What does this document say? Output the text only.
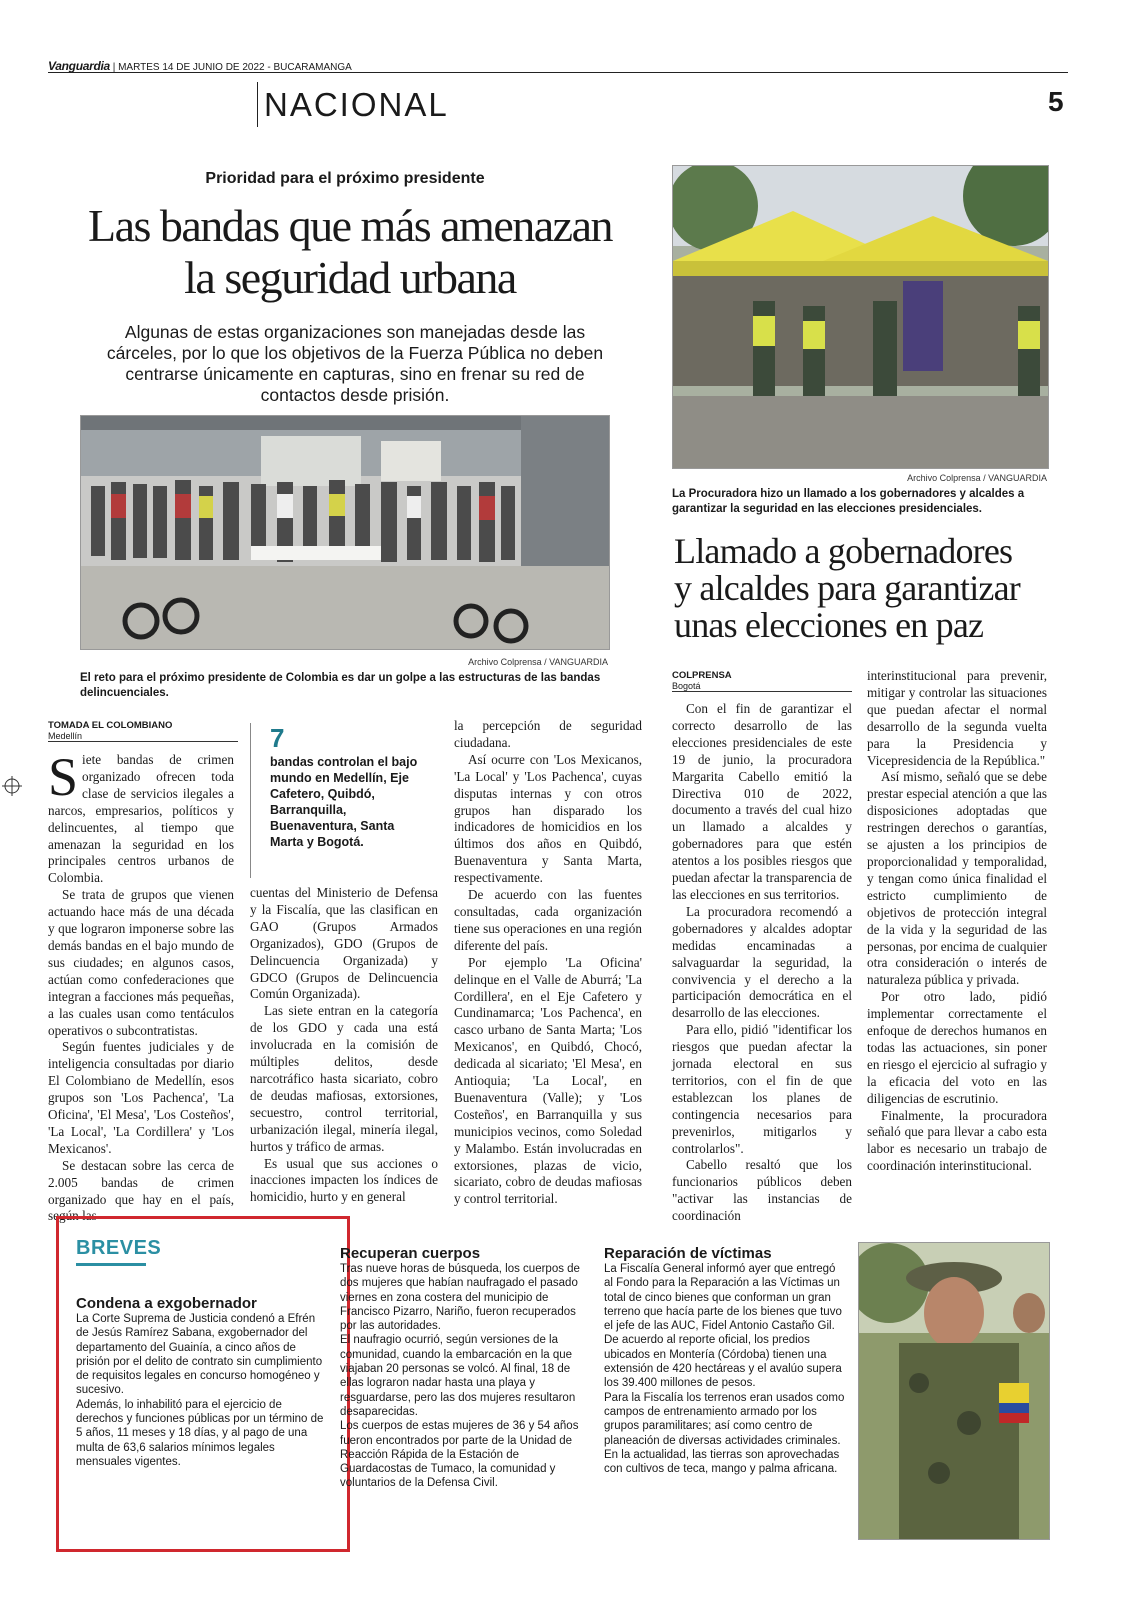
Vanguardia | MARTES 14 DE JUNIO DE 2022 - BUCARAMANGA
NACIONAL	5
Prioridad para el próximo presidente
Las bandas que más amenazan
la seguridad urbana
Algunas de estas organizaciones son manejadas desde las cárceles, por lo que los objetivos de la Fuerza Pública no deben centrarse únicamente en capturas, sino en frenar su red de contactos desde prisión.
Archivo Colprensa / VANGUARDIA
El reto para el próximo presidente de Colombia es dar un golpe a las estructuras de las bandas delincuenciales.
TOMADA EL COLOMBIANO
Medellín

Siete bandas de crimen organizado ofrecen toda clase de servicios ilegales a narcos, empresarios, políticos y delincuentes, al tiempo que amenazan la seguridad en los principales centros urbanos de Colombia.

Se trata de grupos que vienen actuando hace más de una década y que lograron imponerse sobre las demás bandas en el bajo mundo de sus ciudades; en algunos casos, actúan como confederaciones que integran a facciones más pequeñas, a las cuales usan como tentáculos operativos o subcontratistas.

Según fuentes judiciales y de inteligencia consultadas por diario El Colombiano de Medellín, esos grupos son 'Los Pachenca', 'La Oficina', 'El Mesa', 'Los Costeños', 'La Local', 'La Cordillera' y 'Los Mexicanos'.

Se destacan sobre las cerca de 2.005 bandas de crimen organizado que hay en el país, según las

7
bandas controlan el bajo mundo en Medellín, Eje Cafetero, Quibdó, Barranquilla, Buenaventura, Santa Marta y Bogotá.

cuentas del Ministerio de Defensa y la Fiscalía, que las clasifican en GAO (Grupos Armados Organizados), GDO (Grupos de Delincuencia Organizada) y GDCO (Grupos de Delincuencia Común Organizada).

Las siete entran en la categoría de los GDO y cada una está involucrada en la comisión de múltiples delitos, desde narcotráfico hasta sicariato, cobro de deudas mafiosas, extorsiones, secuestro, control territorial, urbanización ilegal, minería ilegal, hurtos y tráfico de armas.

Es usual que sus acciones o inacciones impacten los índices de homicidio, hurto y en general

la percepción de seguridad ciudadana.

Así ocurre con 'Los Mexicanos, 'La Local' y 'Los Pachenca', cuyas disputas internas y con otros grupos han disparado los indicadores de homicidios en los últimos dos años en Quibdó, Buenaventura y Santa Marta, respectivamente.

De acuerdo con las fuentes consultadas, cada organización tiene sus operaciones en una región diferente del país.

Por ejemplo 'La Oficina' delinque en el Valle de Aburrá; 'La Cordillera', en el Eje Cafetero y Cundinamarca; 'Los Pachenca', en casco urbano de Santa Marta; 'Los Mexicanos', en Quibdó, Chocó, dedicada al sicariato; 'El Mesa', en Antioquia; 'La Local', en Buenaventura (Valle); y 'Los Costeños', en Barranquilla y sus municipios vecinos, como Soledad y Malambo. Están involucradas en extorsiones, plazas de vicio, sicariato, cobro de deudas mafiosas y control territorial.

Archivo Colprensa / VANGUARDIA
La Procuradora hizo un llamado a los gobernadores y alcaldes a garantizar la seguridad en las elecciones presidenciales.
Llamado a gobernadores
y alcaldes para garantizar
unas elecciones en paz
COLPRENSA
Bogotá

Con el fin de garantizar el correcto desarrollo de las elecciones presidenciales de este 19 de junio, la procuradora Margarita Cabello emitió la Directiva 010 de 2022, documento a través del cual hizo un llamado a alcaldes y gobernadores para que estén atentos a los posibles riesgos que puedan afectar la transparencia de las elecciones en sus territorios.

La procuradora recomendó a gobernadores y alcaldes adoptar medidas encaminadas a salvaguardar la seguridad, la convivencia y el derecho a la participación democrática en el desarrollo de las elecciones.

Para ello, pidió "identificar los riesgos que puedan afectar la jornada electoral en sus territorios, con el fin de que establezcan los planes de contingencia necesarios para prevenirlos, mitigarlos y controlarlos".

Cabello resaltó que los funcionarios públicos deben "activar las instancias de coordinación

interinstitucional para prevenir, mitigar y controlar las situaciones que puedan afectar el normal desarrollo de la segunda vuelta para la Presidencia y Vicepresidencia de la República."

Así mismo, señaló que se debe prestar especial atención a que las disposiciones adoptadas que restringen derechos o garantías, se ajusten a los principios de proporcionalidad y temporalidad, y tengan como única finalidad el estricto cumplimiento de objetivos de protección integral de la vida y la seguridad de las personas, por encima de cualquier otra consideración o interés de naturaleza pública y privada.

Por otro lado, pidió implementar correctamente el enfoque de derechos humanos en todas las actuaciones, sin poner en riesgo el ejercicio al sufragio y la eficacia del voto en las diligencias de escrutinio.

Finalmente, la procuradora señaló que para llevar a cabo esta labor es necesario un trabajo de coordinación interinstitucional.

BREVES
Condena a exgobernador

La Corte Suprema de Justicia condenó a Efrén de Jesús Ramírez Sabana, exgobernador del departamento del Guainía, a cinco años de prisión por el delito de contrato sin cumplimiento de requisitos legales en concurso homogéneo y sucesivo.

Además, lo inhabilitó para el ejercicio de derechos y funciones públicas por un término de 5 años, 11 meses y 18 días, y al pago de una multa de 63,6 salarios mínimos legales mensuales vigentes.

Recuperan cuerpos

Tras nueve horas de búsqueda, los cuerpos de dos mujeres que habían naufragado el pasado viernes en zona costera del municipio de Francisco Pizarro, Nariño, fueron recuperados por las autoridades.

El naufragio ocurrió, según versiones de la comunidad, cuando la embarcación en la que viajaban 20 personas se volcó. Al final, 18 de ellas lograron nadar hasta una playa y resguardarse, pero las dos mujeres resultaron desaparecidas.

Los cuerpos de estas mujeres de 36 y 54 años fueron encontrados por parte de la Unidad de Reacción Rápida de la Estación de Guardacostas de Tumaco, la comunidad y voluntarios de la Defensa Civil.

Reparación de víctimas

La Fiscalía General informó ayer que entregó al Fondo para la Reparación a las Víctimas un total de cinco bienes que conforman un gran terreno que hacía parte de los bienes que tuvo el jefe de las AUC, Fidel Antonio Castaño Gil.

De acuerdo al reporte oficial, los predios ubicados en Montería (Córdoba) tienen una extensión de 420 hectáreas y el avalúo supera los 39.400 millones de pesos.

Para la Fiscalía los terrenos eran usados como campos de entrenamiento armado por los grupos paramilitares; así como centro de planeación de diversas actividades criminales. En la actualidad, las tierras son aprovechadas con cultivos de teca, mango y palma africana.
